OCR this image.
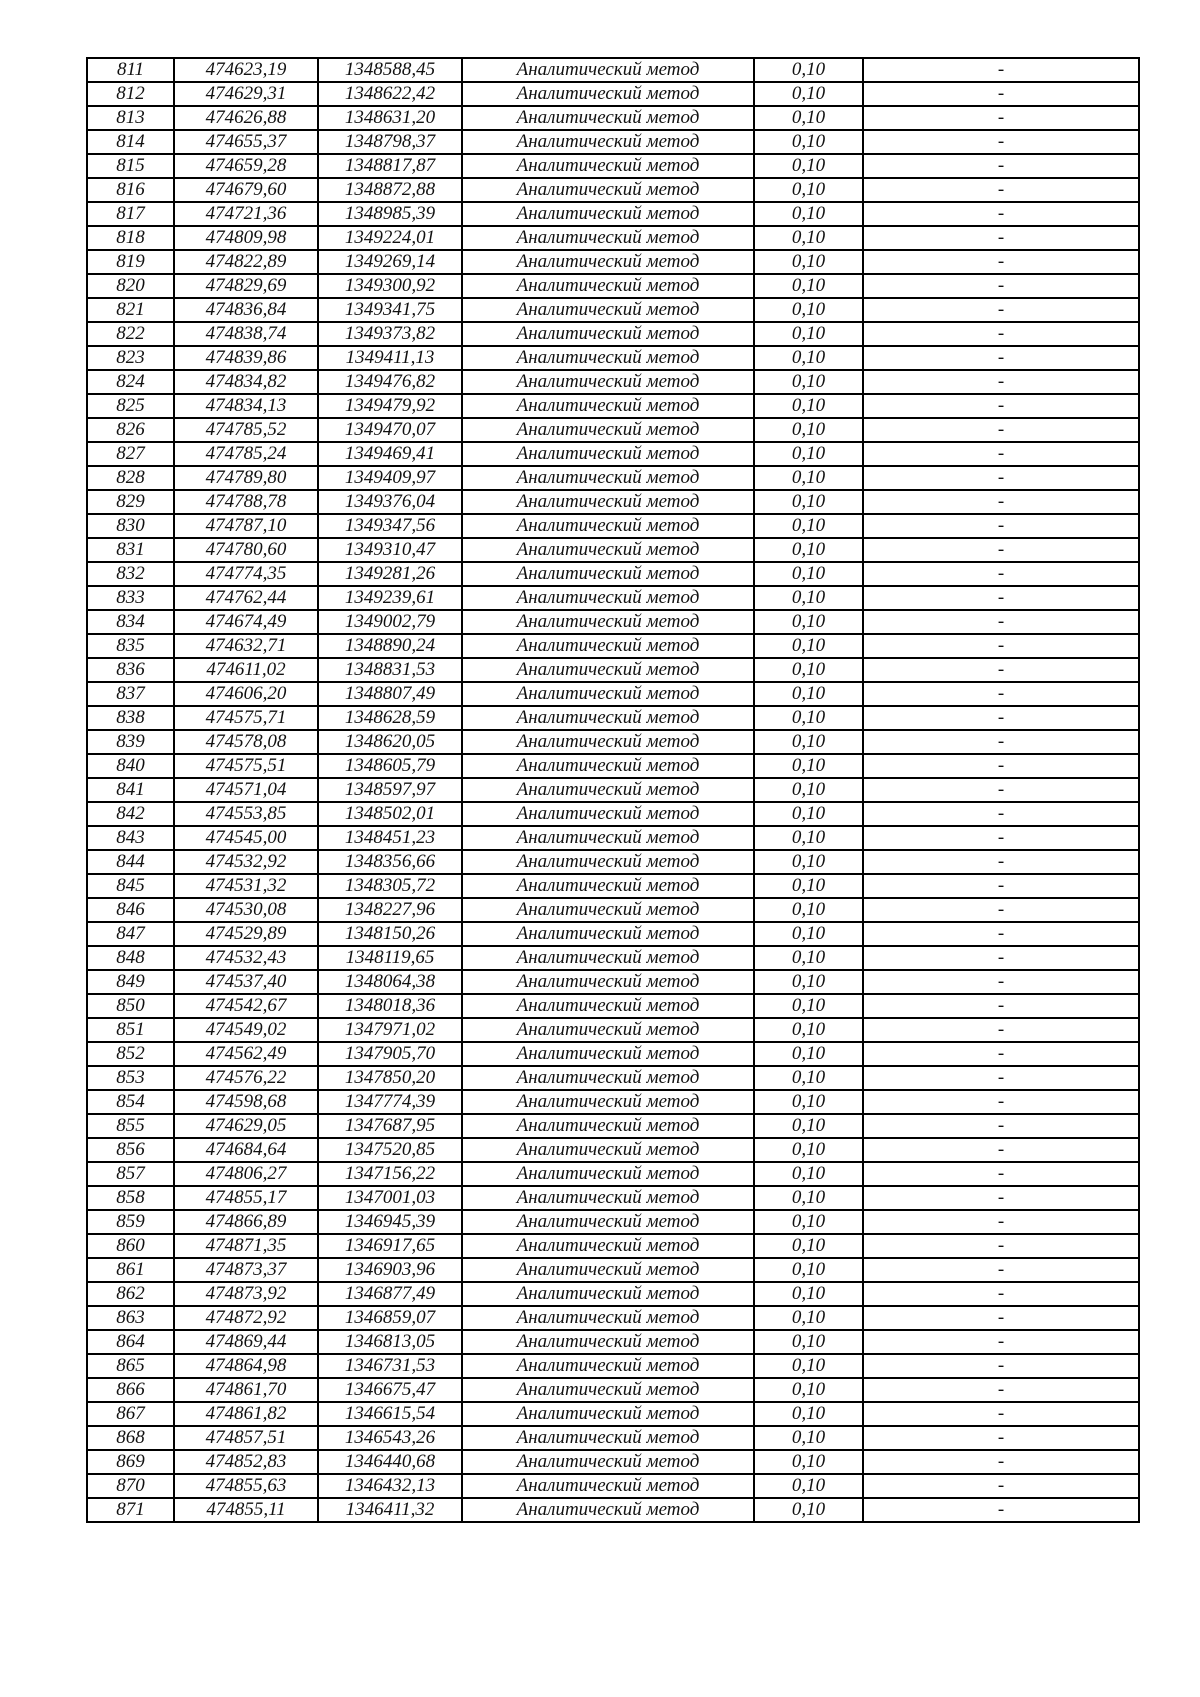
811	474623,19	1348588,45	Аналитический метод	0,10	-
812	474629,31	1348622,42	Аналитический метод	0,10	-
813	474626,88	1348631,20	Аналитический метод	0,10	-
814	474655,37	1348798,37	Аналитический метод	0,10	-
815	474659,28	1348817,87	Аналитический метод	0,10	-
816	474679,60	1348872,88	Аналитический метод	0,10	-
817	474721,36	1348985,39	Аналитический метод	0,10	-
818	474809,98	1349224,01	Аналитический метод	0,10	-
819	474822,89	1349269,14	Аналитический метод	0,10	-
820	474829,69	1349300,92	Аналитический метод	0,10	-
821	474836,84	1349341,75	Аналитический метод	0,10	-
822	474838,74	1349373,82	Аналитический метод	0,10	-
823	474839,86	1349411,13	Аналитический метод	0,10	-
824	474834,82	1349476,82	Аналитический метод	0,10	-
825	474834,13	1349479,92	Аналитический метод	0,10	-
826	474785,52	1349470,07	Аналитический метод	0,10	-
827	474785,24	1349469,41	Аналитический метод	0,10	-
828	474789,80	1349409,97	Аналитический метод	0,10	-
829	474788,78	1349376,04	Аналитический метод	0,10	-
830	474787,10	1349347,56	Аналитический метод	0,10	-
831	474780,60	1349310,47	Аналитический метод	0,10	-
832	474774,35	1349281,26	Аналитический метод	0,10	-
833	474762,44	1349239,61	Аналитический метод	0,10	-
834	474674,49	1349002,79	Аналитический метод	0,10	-
835	474632,71	1348890,24	Аналитический метод	0,10	-
836	474611,02	1348831,53	Аналитический метод	0,10	-
837	474606,20	1348807,49	Аналитический метод	0,10	-
838	474575,71	1348628,59	Аналитический метод	0,10	-
839	474578,08	1348620,05	Аналитический метод	0,10	-
840	474575,51	1348605,79	Аналитический метод	0,10	-
841	474571,04	1348597,97	Аналитический метод	0,10	-
842	474553,85	1348502,01	Аналитический метод	0,10	-
843	474545,00	1348451,23	Аналитический метод	0,10	-
844	474532,92	1348356,66	Аналитический метод	0,10	-
845	474531,32	1348305,72	Аналитический метод	0,10	-
846	474530,08	1348227,96	Аналитический метод	0,10	-
847	474529,89	1348150,26	Аналитический метод	0,10	-
848	474532,43	1348119,65	Аналитический метод	0,10	-
849	474537,40	1348064,38	Аналитический метод	0,10	-
850	474542,67	1348018,36	Аналитический метод	0,10	-
851	474549,02	1347971,02	Аналитический метод	0,10	-
852	474562,49	1347905,70	Аналитический метод	0,10	-
853	474576,22	1347850,20	Аналитический метод	0,10	-
854	474598,68	1347774,39	Аналитический метод	0,10	-
855	474629,05	1347687,95	Аналитический метод	0,10	-
856	474684,64	1347520,85	Аналитический метод	0,10	-
857	474806,27	1347156,22	Аналитический метод	0,10	-
858	474855,17	1347001,03	Аналитический метод	0,10	-
859	474866,89	1346945,39	Аналитический метод	0,10	-
860	474871,35	1346917,65	Аналитический метод	0,10	-
861	474873,37	1346903,96	Аналитический метод	0,10	-
862	474873,92	1346877,49	Аналитический метод	0,10	-
863	474872,92	1346859,07	Аналитический метод	0,10	-
864	474869,44	1346813,05	Аналитический метод	0,10	-
865	474864,98	1346731,53	Аналитический метод	0,10	-
866	474861,70	1346675,47	Аналитический метод	0,10	-
867	474861,82	1346615,54	Аналитический метод	0,10	-
868	474857,51	1346543,26	Аналитический метод	0,10	-
869	474852,83	1346440,68	Аналитический метод	0,10	-
870	474855,63	1346432,13	Аналитический метод	0,10	-
871	474855,11	1346411,32	Аналитический метод	0,10	-
